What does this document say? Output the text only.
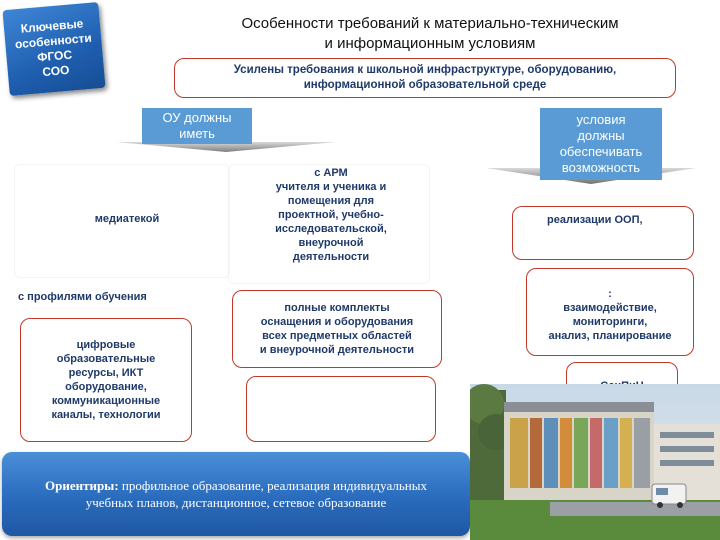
Ключевые
особенности ФГОС
СОО
Особенности требований к материально-техническим
и информационным условиям
Усилены требования к школьной инфраструктуре, оборудованию,
информационной образовательной среде
ОУ должны
иметь
условия
должны
обеспечивать
возможность
медиатекой
с АРМ
учителя и ученика и
помещения для
проектной, учебно-
исследовательской,
внеурочной
деятельности
с профилями обучения
цифровые
образовательные
ресурсы, ИКТ
оборудование,
коммуникационные
каналы, технологии
полные комплекты
оснащения и оборудования
всех предметных областей
и внеурочной деятельности
реализации ООП,
:
взаимодействие,
мониторинги,
анализ, планирование
Ориентиры: профильное образование, реализация индивидуальных учебных планов, дистанционное, сетевое образование
